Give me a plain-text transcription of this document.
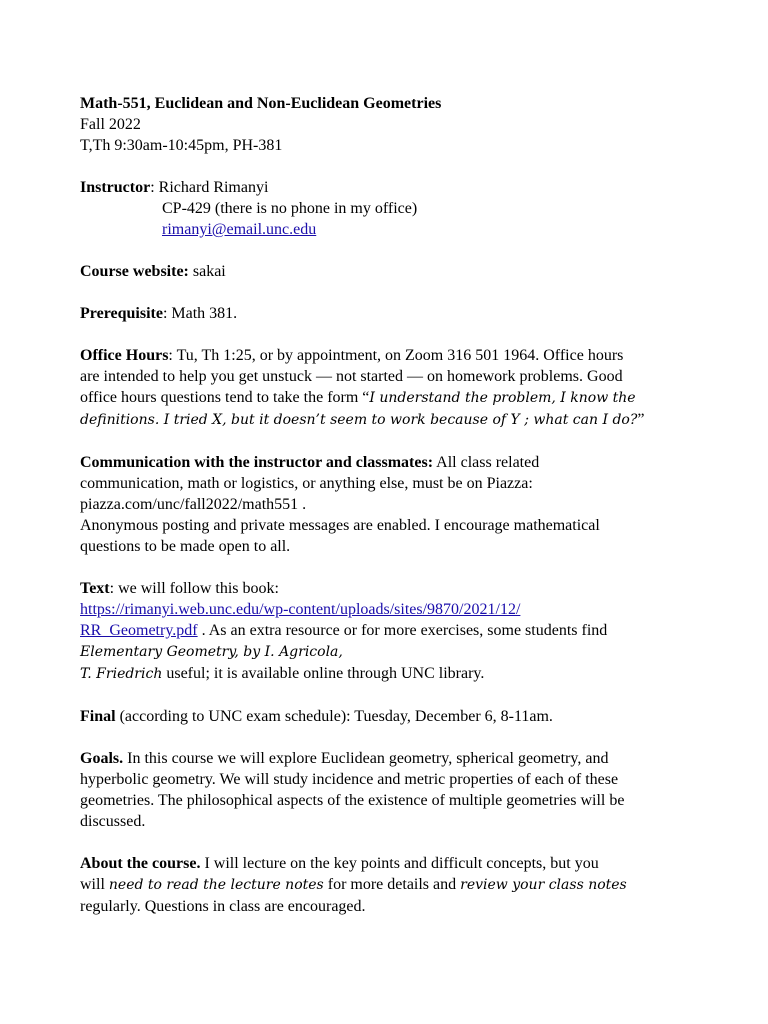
Math-551, Euclidean and Non-Euclidean Geometries
Fall 2022
T,Th 9:30am-10:45pm, PH-381
Instructor: Richard Rimanyi
CP-429 (there is no phone in my office)
rimanyi@email.unc.edu
Course website: sakai
Prerequisite: Math 381.
Office Hours: Tu, Th 1:25, or by appointment, on Zoom 316 501 1964. Office hours
are intended to help you get unstuck — not started — on homework problems. Good
office hours questions tend to take the form “I understand the problem, I know the
definitions. I tried X, but it doesn’t seem to work because of Y ; what can I do?”
Communication with the instructor and classmates: All class related
communication, math or logistics, or anything else, must be on Piazza:
piazza.com/unc/fall2022/math551 .
Anonymous posting and private messages are enabled. I encourage mathematical
questions to be made open to all.
Text: we will follow this book:
https://rimanyi.web.unc.edu/wp-content/uploads/sites/9870/2021/12/
RR_Geometry.pdf . As an extra resource or for more exercises, some students find
Elementary Geometry, by I. Agricola,
T. Friedrich useful; it is available online through UNC library.
Final (according to UNC exam schedule): Tuesday, December 6, 8-11am.
Goals. In this course we will explore Euclidean geometry, spherical geometry, and
hyperbolic geometry. We will study incidence and metric properties of each of these
geometries. The philosophical aspects of the existence of multiple geometries will be
discussed.
About the course. I will lecture on the key points and difficult concepts, but you
will need to read the lecture notes for more details and review your class notes
regularly. Questions in class are encouraged.
